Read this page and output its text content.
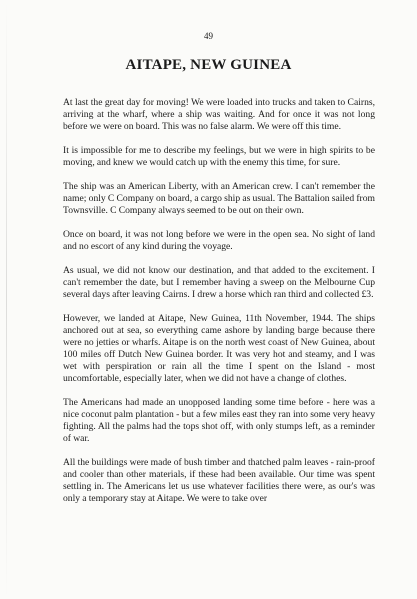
49
AITAPE, NEW GUINEA

At last the great day for moving! We were loaded into trucks and taken to Cairns, arriving at the wharf, where a ship was waiting. And for once it was not long before we were on board. This was no false alarm. We were off this time.

It is impossible for me to describe my feelings, but we were in high spirits to be moving, and knew we would catch up with the enemy this time, for sure.

The ship was an American Liberty, with an American crew. I can't remember the name; only C Company on board, a cargo ship as usual. The Battalion sailed from Townsville. C Company always seemed to be out on their own.

Once on board, it was not long before we were in the open sea. No sight of land and no escort of any kind during the voyage.

As usual, we did not know our destination, and that added to the excitement. I can't remember the date, but I remember having a sweep on the Melbourne Cup several days after leaving Cairns. I drew a horse which ran third and collected £3.

However, we landed at Aitape, New Guinea, 11th November, 1944. The ships anchored out at sea, so everything came ashore by landing barge because there were no jetties or wharfs. Aitape is on the north west coast of New Guinea, about 100 miles off Dutch New Guinea border. It was very hot and steamy, and I was wet with perspiration or rain all the time I spent on the Island - most uncomfortable, especially later, when we did not have a change of clothes.

The Americans had made an unopposed landing some time before - here was a nice coconut palm plantation - but a few miles east they ran into some very heavy fighting. All the palms had the tops shot off, with only stumps left, as a reminder of war.

All the buildings were made of bush timber and thatched palm leaves - rain-proof and cooler than other materials, if these had been available. Our time was spent settling in. The Americans let us use whatever facilities there were, as our's was only a temporary stay at Aitape. We were to take over
